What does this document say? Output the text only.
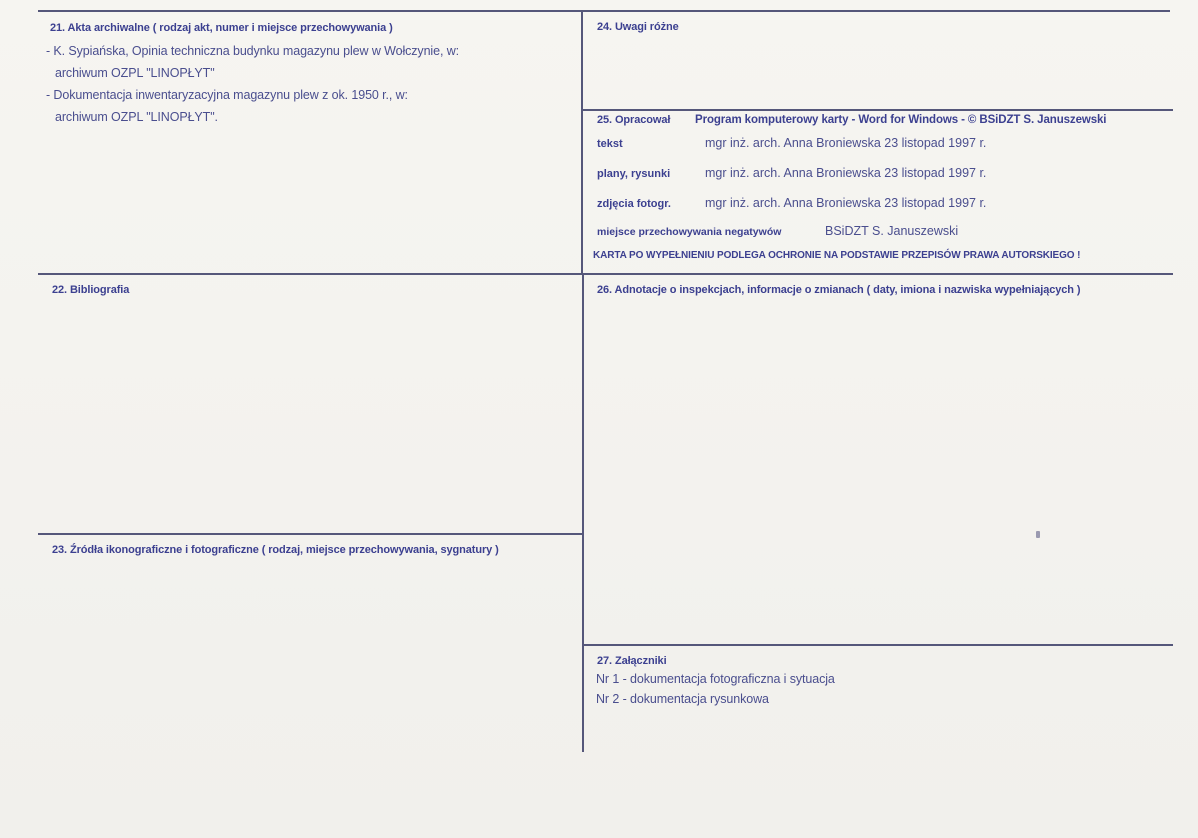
21. Akta archiwalne ( rodzaj akt, numer i miejsce przechowywania )
- K. Sypiańska, Opinia techniczna budynku magazynu plew w Wołczynie, w:
archiwum OZPL "LINOPŁYT"
- Dokumentacja inwentaryzacyjna magazynu plew z ok. 1950 r., w:
archiwum OZPL "LINOPŁYT".
22. Bibliografia
23. Źródła ikonograficzne i fotograficzne ( rodzaj, miejsce przechowywania, sygnatury )
24. Uwagi różne
25. Opracował Program komputerowy karty - Word for Windows - © BSiDZT S. Januszewski
tekst	mgr inż. arch. Anna Broniewska 23 listopad 1997 r.
plany, rysunki	mgr inż. arch. Anna Broniewska 23 listopad 1997 r.
zdjęcia fotogr.	mgr inż. arch. Anna Broniewska 23 listopad 1997 r.
miejsce przechowywania negatywów	BSiDZT S. Januszewski
KARTA PO WYPEŁNIENIU PODLEGA OCHRONIE NA PODSTAWIE PRZEPISÓW PRAWA AUTORSKIEGO !
26. Adnotacje o inspekcjach, informacje o zmianach ( daty, imiona i nazwiska wypełniających )
27. Załączniki
Nr 1 - dokumentacja fotograficzna i sytuacja
Nr 2 - dokumentacja rysunkowa
